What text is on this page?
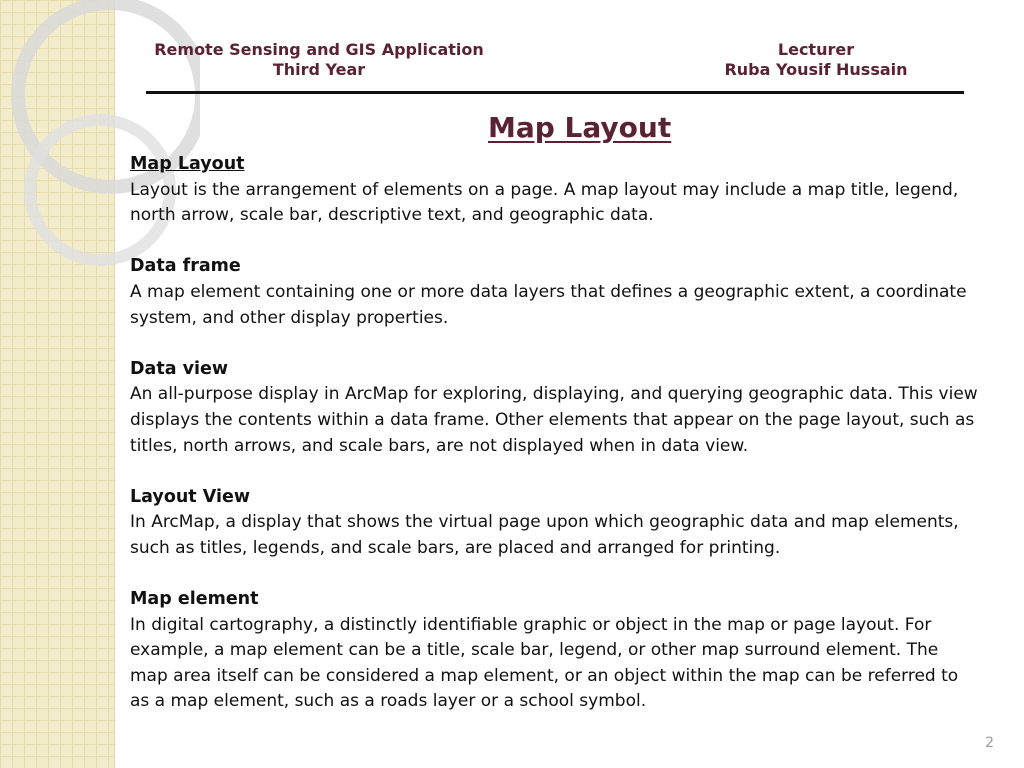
Remote Sensing and GIS Application
Third Year
Lecturer
Ruba Yousif Hussain
Map Layout
Map Layout
Layout is the arrangement of elements on a page. A map layout may include a map title, legend, north arrow, scale bar, descriptive text, and geographic data.
Data frame
A map element containing one or more data layers that defines a geographic extent, a coordinate system, and other display properties.
Data view
An all-purpose display in ArcMap for exploring, displaying, and querying geographic data. This view displays the contents within a data frame. Other elements that appear on the page layout, such as titles, north arrows, and scale bars, are not displayed when in data view.
Layout View
In ArcMap, a display that shows the virtual page upon which geographic data and map elements, such as titles, legends, and scale bars, are placed and arranged for printing.
Map element
In digital cartography, a distinctly identifiable graphic or object in the map or page layout. For example, a map element can be a title, scale bar, legend, or other map surround element. The map area itself can be considered a map element, or an object within the map can be referred to as a map element, such as a roads layer or a school symbol.
2
